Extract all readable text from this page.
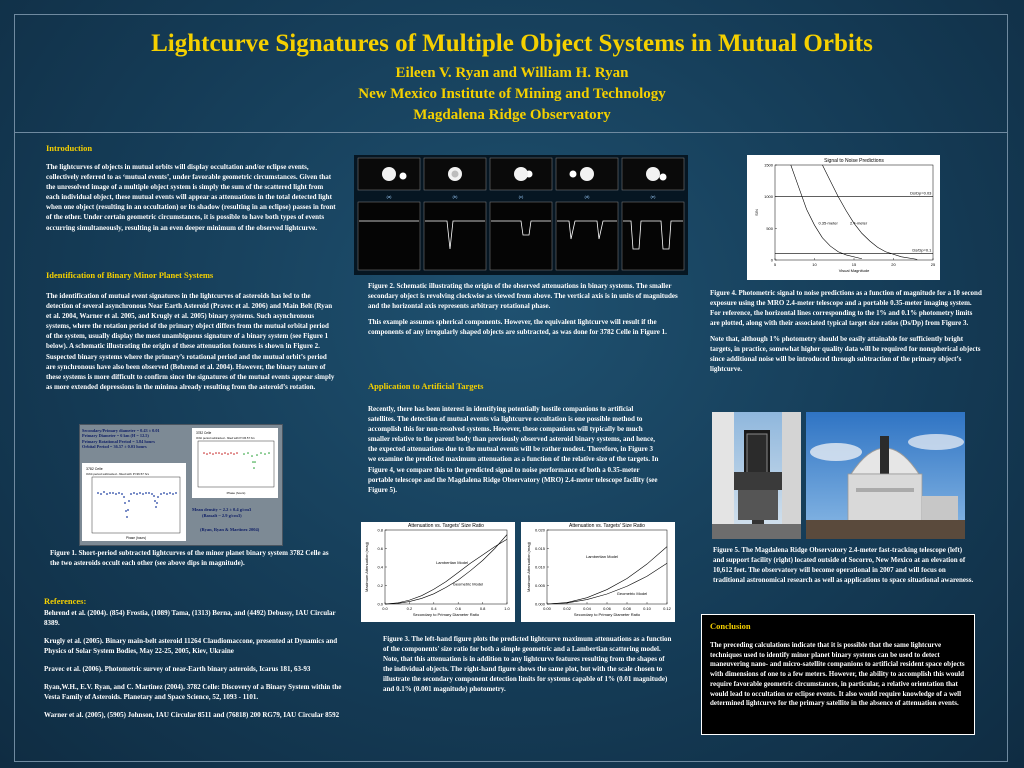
Lightcurve Signatures of Multiple Object Systems in Mutual Orbits
Eileen V. Ryan and William H. Ryan
New Mexico Institute of Mining and Technology
Magdalena Ridge Observatory
Introduction
The lightcurves of objects in mutual orbits will display occultation and/or eclipse events, collectively referred to as ‘mutual events’, under favorable geometric circumstances. Given that the unresolved image of a multiple object system is simply the sum of the scattered light from each individual object, these mutual events will appear as attenuations in the total detected light when one object (resulting in an occultation) or its shadow (resulting in an eclipse) passes in front of the other. Under certain geometric circumstances, it is possible to have both types of events occurring simultaneously, resulting in an even deeper minimum of the observed lightcurve.
Identification of Binary Minor Planet Systems
The identification of mutual event signatures in the lightcurves of asteroids has led to the detection of several asynchronous Near Earth Asteroid (Pravec et al. 2006) and Main Belt (Ryan et al. 2004, Warner et al. 2005, and Krugly et al. 2005) binary systems. Such asynchronous systems, where the rotation period of the primary object differs from the mutual orbital period of the system, usually display the most unambiguous signature of a binary system (see Figure 1 below). A schematic illustrating the origin of these attenuation features is shown in Figure 2. Suspected binary systems where the primary’s rotational period and the mutual orbit’s period are synchronous have also been observed (Behrend et al. 2004). However, the binary nature of these systems is more difficult to confirm since the signatures of the mutual events appear simply as more extended depressions in the minima already resulting from the asteroid’s rotation.
Secondary/Primary diameter = 0.43 ± 0.01
Primary Diameter = 6 km (H = 12.5)
Primary Rotational Period = 3.84 hours
Orbital Period = 36.57 ± 0.03 hours
3782 Celle
Orbit period subtracted - fitted with P=36.57 hrs
Phase (hours)
3782 Celle
Orbit period subtracted - fitted with P=36.57 hrs
Phase (hours)
Mean density = 2.2 ± 0.4 g/cm3
(Bassalt ~ 2.9 g/cm3)
(Ryan, Ryan & Martinez 2004)
Figure 1. Short-period subtracted lightcurves of the minor planet binary system 3782 Celle as the two asteroids occult each other (see above dips in magnitude).
References:

Behrend et al. (2004). (854) Frostia, (1089) Tama, (1313) Berna, and (4492) Debussy, IAU Circular 8389.

Krugly et al. (2005). Binary main-belt asteroid 11264 Claudiomaccone, presented at Dynamics and Physics of Solar System Bodies, May 22-25, 2005, Kiev, Ukraine

Pravec et al. (2006). Photometric survey of near-Earth binary asteroids, Icarus 181, 63-93

Ryan,W.H., E.V. Ryan, and C. Martinez (2004). 3782 Celle: Discovery of a Binary System within the Vesta Family of Asteroids. Planetary and Space Science, 52, 1093 - 1101.

Warner et al. (2005), (5905) Johnson, IAU Circular 8511 and (76818) 200 RG79, IAU Circular 8592

(a)	(b)	(c)	(d)	(e)

Figure 2. Schematic illustrating the origin of the observed attenuations in binary systems. The smaller secondary object is revolving clockwise as viewed from above. The vertical axis is in units of magnitudes and the horizontal axis represents arbitrary rotational phase.

This example assumes spherical components. However, the equivalent lightcurve will result if the components of any irregularly shaped objects are subtracted, as was done for 3782 Celle in Figure 1.

Application to Artificial Targets
Recently, there has been interest in identifying potentially hostile companions to artificial satellites. The detection of mutual events via lightcurve occultation is one possible method to accomplish this for non-resolved systems. However, these companions will typically be much smaller relative to the parent body than previously observed asteroid binary systems, and hence, the expected attenuations due to the mutual events will be rather modest. Therefore, in Figure 3 we examine the predicted maximum attenuation as a function of the relative size of the targets. In Figure 4, we compare this to the predicted signal to noise performance of both a 0.35-meter portable telescope and the Magdalena Ridge Observatory (MRO) 2.4-meter telescope facility (see Figure 5).
Attenuation vs. Targets' Size Ratio
0.0	0.2	0.4	0.6	0.8	1.0
0.0
0.2
0.4
0.6
0.8
Secondary to Primary Diameter Ratio
Maximum Attenuation (mag)	Lambertian Model
Geometric Model
Attenuation vs. Targets' Size Ratio
0.00	0.02	0.04	0.06	0.08	0.10	0.12
0.000
0.005
0.010
0.015
0.020
Secondary to Primary Diameter Ratio
Maximum Attenuation (mag)	Lambertian Model
Geometric Model
Figure 3. The left-hand figure plots the predicted lightcurve maximum attenuations as a function of the components' size ratio for both a simple geometric and a Lambertian scattering model. Note, that this attenuation is in addition to any lightcurve features resulting from the shapes of the individual objects. The right-hand figure shows the same plot, but with the scale chosen to illustrate the secondary component detection limits for systems capable of 1% (0.01 magnitude) and 0.1% (0.001 magnitude) photometry.
Signal to Noise Predictions
5	10	15	20	25
0
500
1000
1500
Visual Magnitude
S/N
0.35-meter	2.4-meter
Ds/Dp=0.03
Ds/Dp=0.1

Figure 4. Photometric signal to noise predictions as a function of magnitude for a 10 second exposure using the MRO 2.4-meter telescope and a portable 0.35-meter imaging system. For reference, the horizontal lines corresponding to the 1% and 0.1% photometry limits are plotted, along with their associated typical target size ratios (Ds/Dp) from Figure 3.

Note that, although 1% photometry should be easily attainable for sufficiently bright targets, in practice, somewhat higher quality data will be required for nonspherical objects since additional noise will be introduced through subtraction of the primary object’s lightcurve.

Figure 5. The Magdalena Ridge Observatory 2.4-meter fast-tracking telescope (left) and support facility (right) located outside of Socorro, New Mexico at an elevation of 10,612 feet. The observatory will become operational in 2007 and will focus on traditional astronomical research as well as applications to space situational awareness.
Conclusion
The preceding calculations indicate that it is possible that the same lightcurve techniques used to identify minor planet binary systems can be used to detect maneuvering nano- and micro-satellite companions to artificial resident space objects with dimensions of one to a few meters. However, the ability to accomplish this would require favorable geometric circumstances, in particular, a relative orientation that would lead to occultation or eclipse events. It also would require knowledge of a well determined lightcurve for the primary satellite in the absence of attenuation events.
